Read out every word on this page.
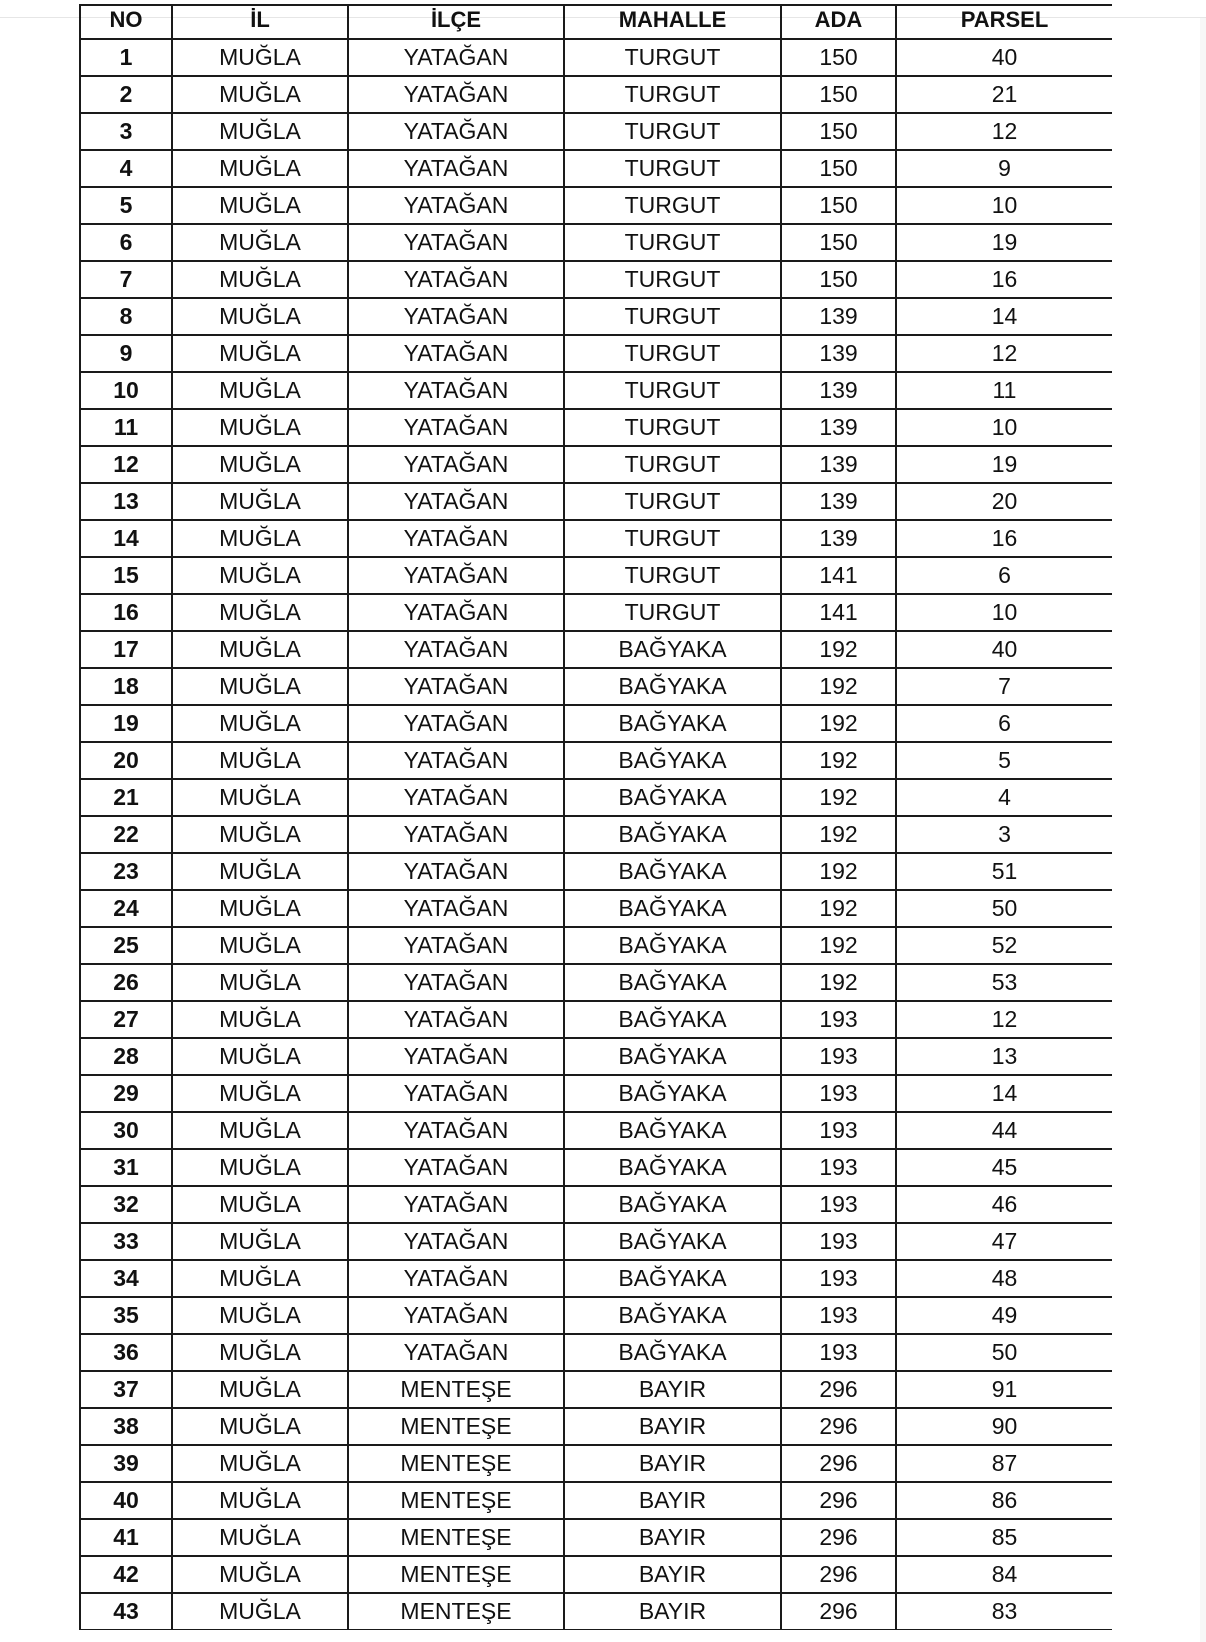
NO	İL	İLÇE	MAHALLE	ADA	PARSEL
1	MUĞLA	YATAĞAN	TURGUT	150	40
2	MUĞLA	YATAĞAN	TURGUT	150	21
3	MUĞLA	YATAĞAN	TURGUT	150	12
4	MUĞLA	YATAĞAN	TURGUT	150	9
5	MUĞLA	YATAĞAN	TURGUT	150	10
6	MUĞLA	YATAĞAN	TURGUT	150	19
7	MUĞLA	YATAĞAN	TURGUT	150	16
8	MUĞLA	YATAĞAN	TURGUT	139	14
9	MUĞLA	YATAĞAN	TURGUT	139	12
10	MUĞLA	YATAĞAN	TURGUT	139	11
11	MUĞLA	YATAĞAN	TURGUT	139	10
12	MUĞLA	YATAĞAN	TURGUT	139	19
13	MUĞLA	YATAĞAN	TURGUT	139	20
14	MUĞLA	YATAĞAN	TURGUT	139	16
15	MUĞLA	YATAĞAN	TURGUT	141	6
16	MUĞLA	YATAĞAN	TURGUT	141	10
17	MUĞLA	YATAĞAN	BAĞYAKA	192	40
18	MUĞLA	YATAĞAN	BAĞYAKA	192	7
19	MUĞLA	YATAĞAN	BAĞYAKA	192	6
20	MUĞLA	YATAĞAN	BAĞYAKA	192	5
21	MUĞLA	YATAĞAN	BAĞYAKA	192	4
22	MUĞLA	YATAĞAN	BAĞYAKA	192	3
23	MUĞLA	YATAĞAN	BAĞYAKA	192	51
24	MUĞLA	YATAĞAN	BAĞYAKA	192	50
25	MUĞLA	YATAĞAN	BAĞYAKA	192	52
26	MUĞLA	YATAĞAN	BAĞYAKA	192	53
27	MUĞLA	YATAĞAN	BAĞYAKA	193	12
28	MUĞLA	YATAĞAN	BAĞYAKA	193	13
29	MUĞLA	YATAĞAN	BAĞYAKA	193	14
30	MUĞLA	YATAĞAN	BAĞYAKA	193	44
31	MUĞLA	YATAĞAN	BAĞYAKA	193	45
32	MUĞLA	YATAĞAN	BAĞYAKA	193	46
33	MUĞLA	YATAĞAN	BAĞYAKA	193	47
34	MUĞLA	YATAĞAN	BAĞYAKA	193	48
35	MUĞLA	YATAĞAN	BAĞYAKA	193	49
36	MUĞLA	YATAĞAN	BAĞYAKA	193	50
37	MUĞLA	MENTEŞE	BAYIR	296	91
38	MUĞLA	MENTEŞE	BAYIR	296	90
39	MUĞLA	MENTEŞE	BAYIR	296	87
40	MUĞLA	MENTEŞE	BAYIR	296	86
41	MUĞLA	MENTEŞE	BAYIR	296	85
42	MUĞLA	MENTEŞE	BAYIR	296	84
43	MUĞLA	MENTEŞE	BAYIR	296	83
